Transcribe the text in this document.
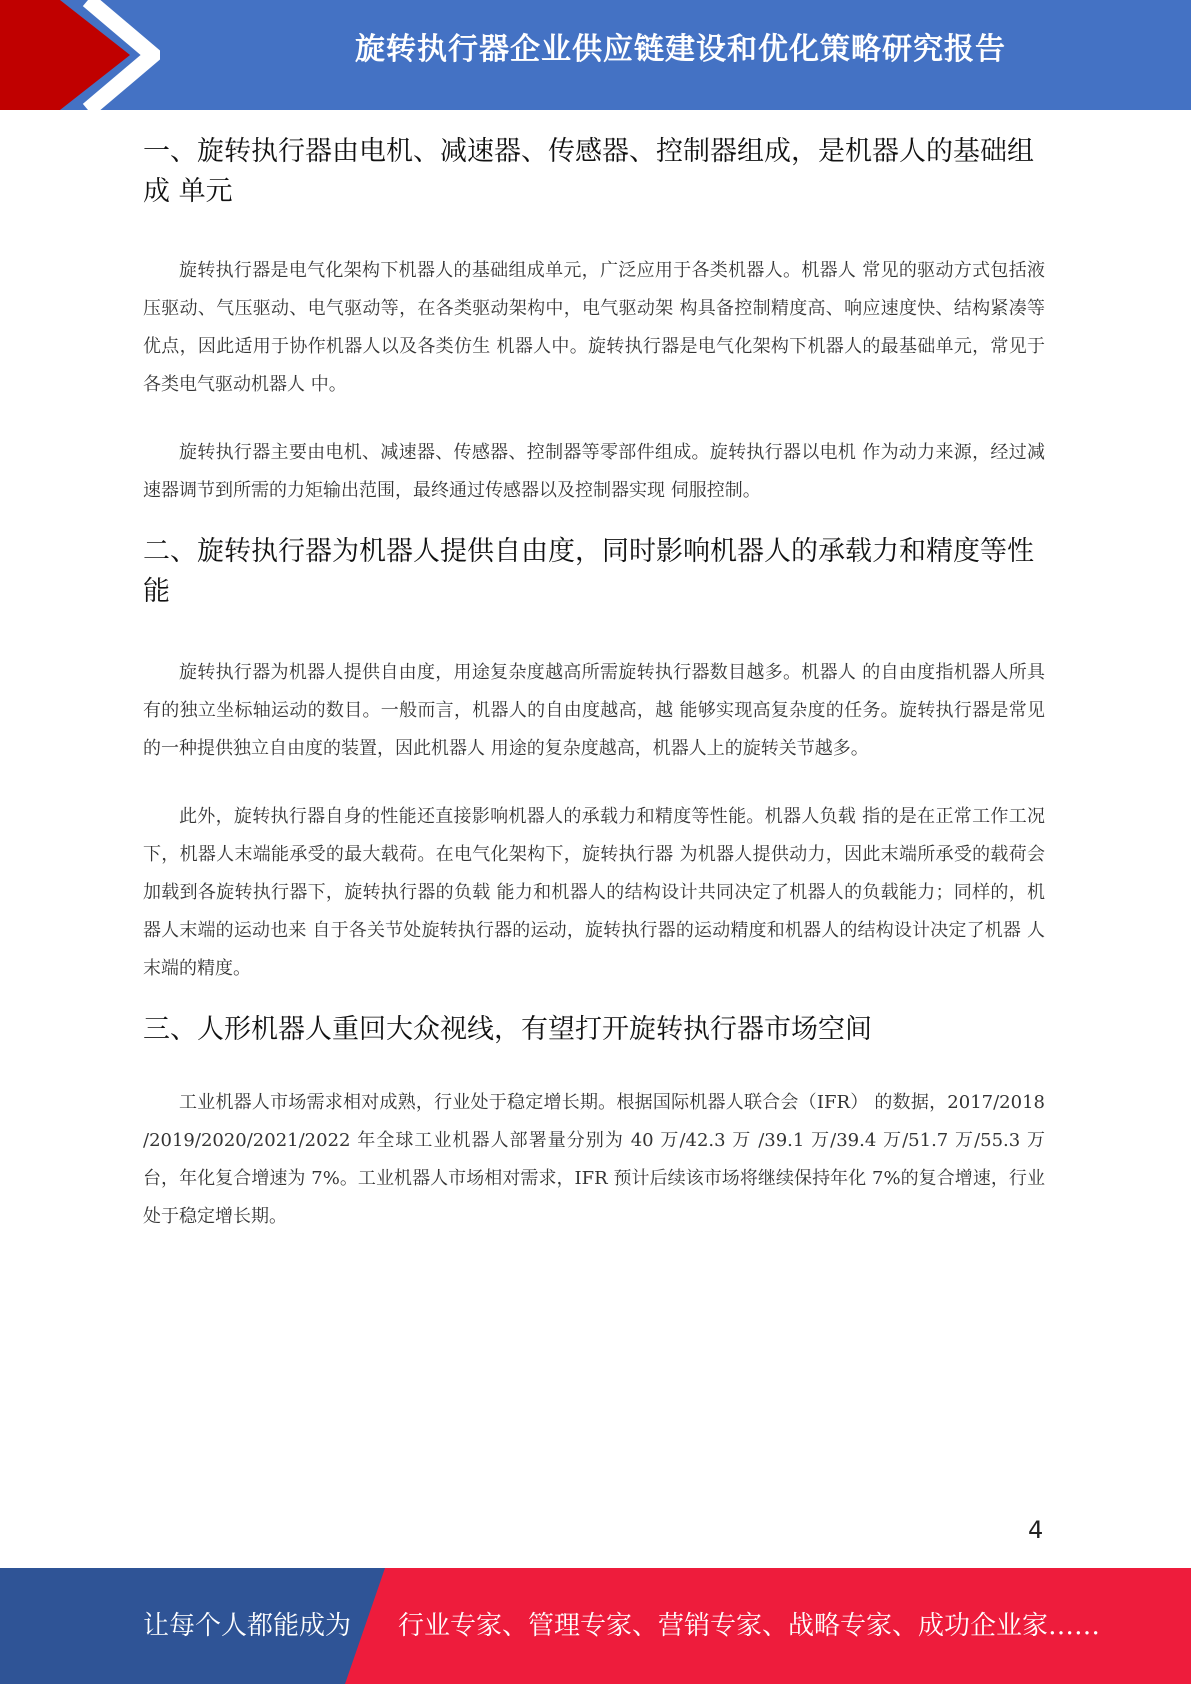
旋转执行器企业供应链建设和优化策略研究报告
一、旋转执行器由电机、减速器、传感器、控制器组成，是机器人的基础组成 单元

旋转执行器是电气化架构下机器人的基础组成单元，广泛应用于各类机器人。机器人 常见的驱动方式包括液压驱动、气压驱动、电气驱动等，在各类驱动架构中，电气驱动架 构具备控制精度高、响应速度快、结构紧凑等优点，因此适用于协作机器人以及各类仿生 机器人中。旋转执行器是电气化架构下机器人的最基础单元，常见于各类电气驱动机器人 中。

旋转执行器主要由电机、减速器、传感器、控制器等零部件组成。旋转执行器以电机 作为动力来源，经过减速器调节到所需的力矩输出范围，最终通过传感器以及控制器实现 伺服控制。

二、旋转执行器为机器人提供自由度，同时影响机器人的承载力和精度等性能

旋转执行器为机器人提供自由度，用途复杂度越高所需旋转执行器数目越多。机器人 的自由度指机器人所具有的独立坐标轴运动的数目。一般而言，机器人的自由度越高，越 能够实现高复杂度的任务。旋转执行器是常见的一种提供独立自由度的装置，因此机器人 用途的复杂度越高，机器人上的旋转关节越多。

此外，旋转执行器自身的性能还直接影响机器人的承载力和精度等性能。机器人负载 指的是在正常工作工况下，机器人末端能承受的最大载荷。在电气化架构下，旋转执行器 为机器人提供动力，因此末端所承受的载荷会加载到各旋转执行器下，旋转执行器的负载 能力和机器人的结构设计共同决定了机器人的负载能力；同样的，机器人末端的运动也来 自于各关节处旋转执行器的运动，旋转执行器的运动精度和机器人的结构设计决定了机器 人末端的精度。

三、人形机器人重回大众视线，有望打开旋转执行器市场空间

工业机器人市场需求相对成熟，行业处于稳定增长期。根据国际机器人联合会（IFR） 的数据，2017/2018 /2019/2020/2021/2022 年全球工业机器人部署量分别为 40 万/42.3 万 /39.1 万/39.4 万/51.7 万/55.3 万台，年化复合增速为 7%。工业机器人市场相对需求，IFR 预计后续该市场将继续保持年化 7%的复合增速，行业处于稳定增长期。

4
让每个人都能成为 行业专家、管理专家、营销专家、战略专家、成功企业家……
